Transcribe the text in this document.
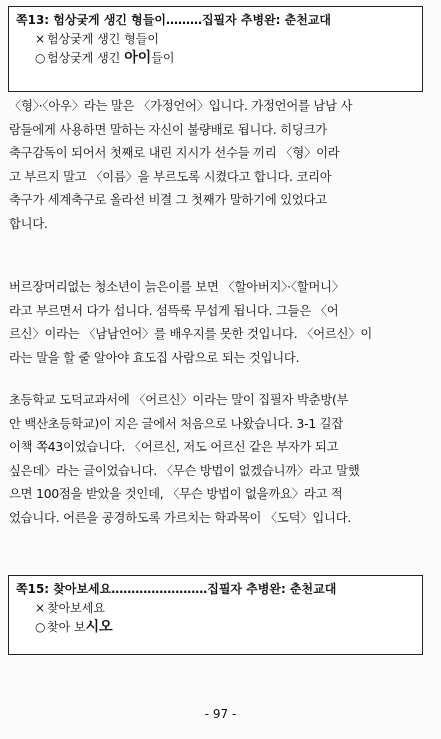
쪽13: 험상궂게 생긴 형들이………집필자 추병완: 춘천교대
× 험상궂게 생긴 형들이
○ 험상궂게 생긴 아이들이
〈형〉·〈아우〉라는 말은 〈가정언어〉입니다. 가정언어를 남남 사
람들에게 사용하면 말하는 자신이 불량배로 됩니다. 히딩크가
축구감독이 되어서 첫째로 내린 지시가 선수들 끼리 〈형〉이라
고 부르지 말고 〈이름〉을 부르도록 시켰다고 합니다. 코리아
축구가 세계축구로 올라선 비결 그 첫째가 말하기에 있었다고
합니다.
버르장머리없는 청소년이 늙은이를 보면 〈할아버지〉·〈할머니〉
라고 부르면서 다가 섭니다. 섬뜩룩 무섭게 됩니다. 그들은 〈어
르신〉이라는 〈남남언어〉를 배우지를 못한 것입니다. 〈어르신〉이
라는 말을 할 줄 알아야 효도집 사람으로 되는 것입니다.
초등학교 도덕교과서에 〈어르신〉이라는 말이 집필자 박춘방(부
안 백산초등학교)이 지은 글에서 처음으로 나왔습니다. 3-1 길잡
이책 쪽43이었습니다. 〈어르신, 저도 어르신 같은 부자가 되고
싶은데〉라는 글이었습니다. 〈무슨 방법이 없겠습니까〉라고 말했
으면 100점을 받았을 것인데, 〈무슨 방법이 없을까요〉라고 적
었습니다. 어른을 공경하도록 가르치는 학과목이 〈도덕〉입니다.
쪽15: 찾아보세요……………………집필자 추병완: 춘천교대
× 찾아보세요
○ 찾아 보시오
- 97 -
